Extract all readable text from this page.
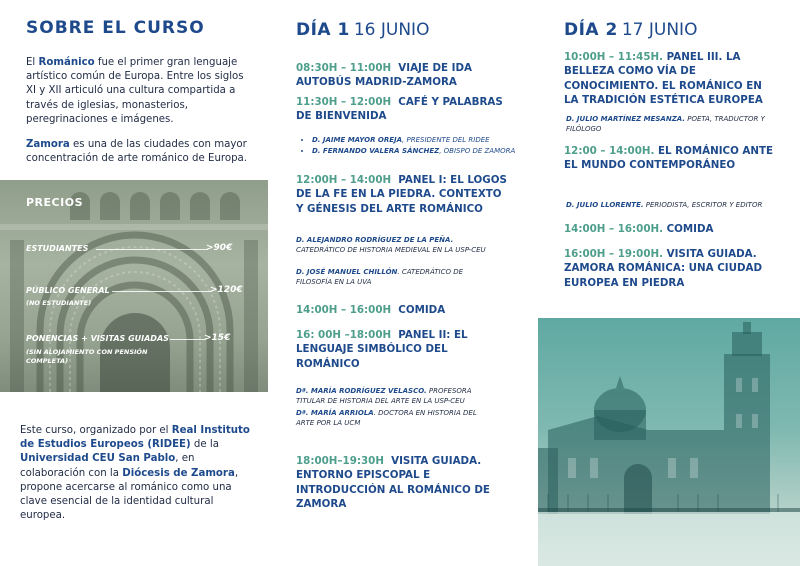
SOBRE EL CURSO
El Románico fue el primer gran lenguaje artístico común de Europa. Entre los siglos XI y XII articuló una cultura compartida a través de iglesias, monasterios, peregrinaciones e imágenes.
Zamora es una de las ciudades con mayor concentración de arte románico de Europa.
PRECIOS
ESTUDIANTES	>90€
PÚBLICO GENERAL
(NO ESTUDIANTE)
>120€
PONENCIAS + VISITAS GUIADAS
(SIN ALOJAMIENTO CON PENSIÓN COMPLETA)
>15€
Este curso, organizado por el Real Instituto de Estudios Europeos (RIDEE) de la Universidad CEU San Pablo, en colaboración con la Diócesis de Zamora, propone acercarse al románico como una clave esencial de la identidad cultural europea.
DÍA 1 16 JUNIO
08:30H – 11:00H VIAJE DE IDA AUTOBÚS MADRID-ZAMORA
11:30H – 12:00H CAFÉ Y PALABRAS DE BIENVENIDA
• D. JAIME MAYOR OREJA, PRESIDENTE DEL RIDEE
• D. FERNANDO VALERA SÁNCHEZ, OBISPO DE ZAMORA
12:00H – 14:00H PANEL I: EL LOGOS DE LA FE EN LA PIEDRA. CONTEXTO Y GÉNESIS DEL ARTE ROMÁNICO
D. ALEJANDRO RODRÍGUEZ DE LA PEÑA. CATEDRÁTICO DE HISTORIA MEDIEVAL EN LA USP-CEU
D. JOSÉ MANUEL CHILLÓN. CATEDRÁTICO DE FILOSOFÍA EN LA UVA
14:00H – 16:00H COMIDA
16: 00H –18:00H PANEL II: EL LENGUAJE SIMBÓLICO DEL ROMÁNICO
Dª. MARÍA RODRÍGUEZ VELASCO. PROFESORA TITULAR DE HISTORIA DEL ARTE EN LA USP-CEU
Dª. MARÍA ARRIOLA. DOCTORA EN HISTORIA DEL ARTE POR LA UCM
18:00H–19:30H VISITA GUIADA. ENTORNO EPISCOPAL E INTRODUCCIÓN AL ROMÁNICO DE ZAMORA
DÍA 2 17 JUNIO
10:00H – 11:45H. PANEL III. LA BELLEZA COMO VÍA DE CONOCIMIENTO. EL ROMÁNICO EN LA TRADICIÓN ESTÉTICA EUROPEA
D. JULIO MARTÍNEZ MESANZA. POETA, TRADUCTOR Y FILÓLOGO
12:00 – 14:00H. EL ROMÁNICO ANTE EL MUNDO CONTEMPORÁNEO
D. JULIO LLORENTE. PERIODISTA, ESCRITOR Y EDITOR
14:00H – 16:00H. COMIDA
16:00H – 19:00H. VISITA GUIADA. ZAMORA ROMÁNICA: UNA CIUDAD EUROPEA EN PIEDRA
